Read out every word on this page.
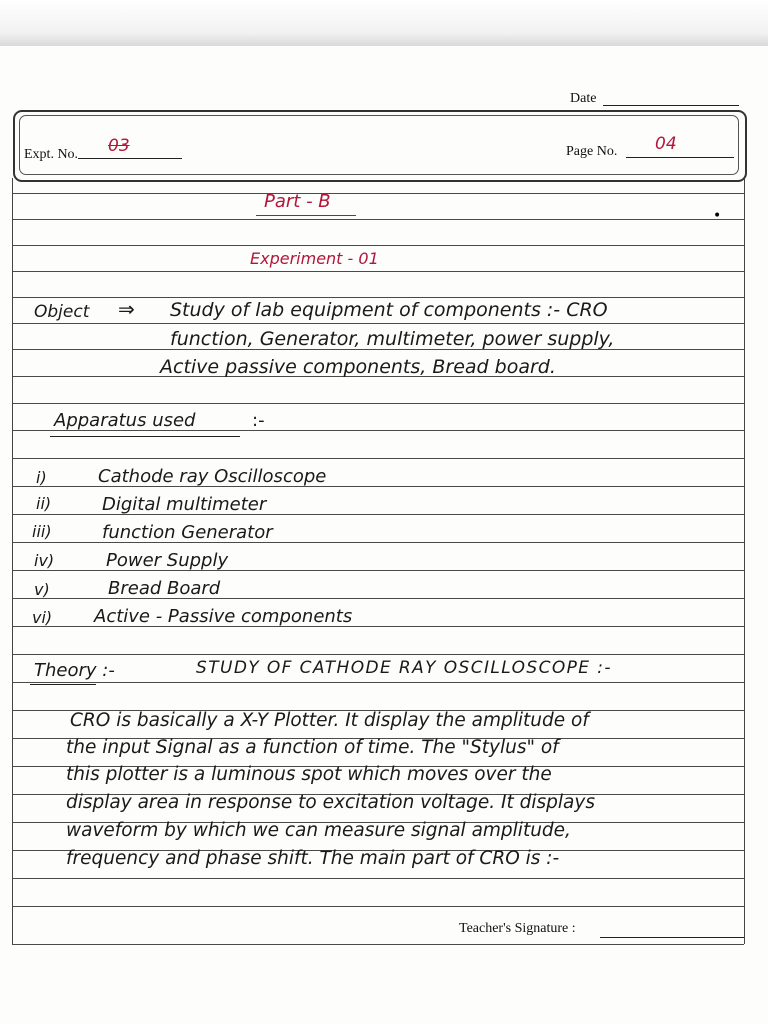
Date
Expt. No. 03	Page No. 04
Part - B
Experiment - 01
•
Object ⇒ Study of lab equipment of components :- CRO
function, Generator, multimeter, power supply,
Active passive components, Bread board.
Apparatus used	:-
i)	Cathode ray Oscilloscope
ii)	Digital multimeter
iii)	function Generator
iv)	Power Supply
v)	Bread Board
vi) Active - Passive components
Theory :-	STUDY OF CATHODE RAY OSCILLOSCOPE :-
CRO is basically a X-Y Plotter. It display the amplitude of
the input Signal as a function of time. The "Stylus" of
this plotter is a luminous spot which moves over the
display area in response to excitation voltage. It displays
waveform by which we can measure signal amplitude,
frequency and phase shift. The main part of CRO is :-
Teacher's Signature :
